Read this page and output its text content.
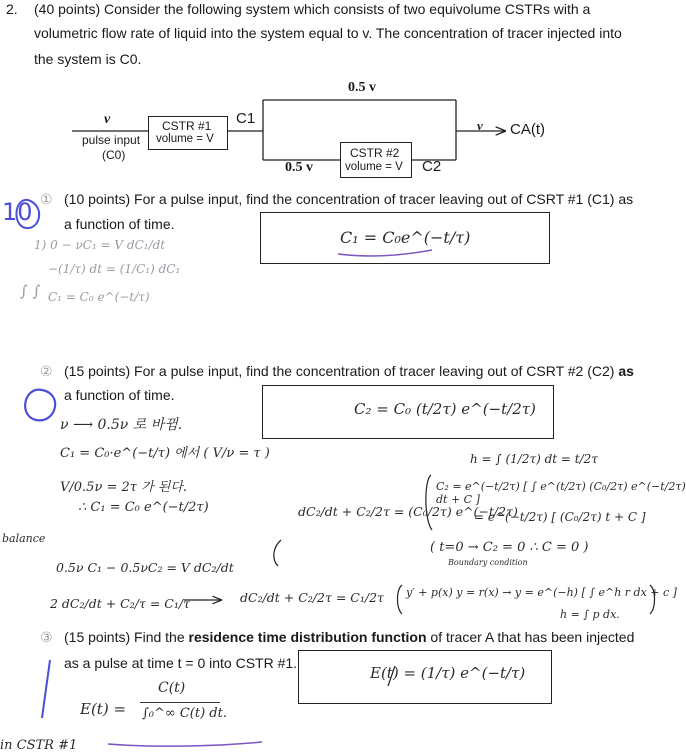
2. (40 points) Consider the following system which consists of two equivolume CSTRs with a
volumetric flow rate of liquid into the system equal to v. The concentration of tracer injected into
the system is C0.
0.5 v
v	v
pulse input
(C0)
CSTR #1
volume = V
C1
CSTR #2
volume = V C2
0.5 v
CA(t)
10 ① (10 points) For a pulse input, find the concentration of tracer leaving out of CSRT #1 (C1) as
a function of time.
C₁ = C₀e^(−t/τ)
1) 0 − νC₁ = V dC₁/dt
−(1/τ) dt = (1/C₁) dC₁
∫ ∫ C₁ = C₀ e^(−t/τ)
② (15 points) For a pulse input, find the concentration of tracer leaving out of CSRT #2 (C2) as
a function of time.
C₂ = C₀ (t/2τ) e^(−t/2τ)
ν ⟶ 0.5ν 로 바뀜.
C₁ = C₀·e^(−t/τ) 에서 ( V/ν = τ )
V/0.5ν = 2τ 가 된다.
∴ C₁ = C₀ e^(−t/2τ)
balance
0.5ν C₁ − 0.5νC₂ = V dC₂/dt
2 dC₂/dt + C₂/τ = C₁/τ
dC₂/dt + C₂/2τ = (C₀/2τ) e^(−t/2τ)
dC₂/dt + C₂/2τ = C₁/2τ
h = ∫ (1/2τ) dt = t/2τ
C₂ = e^(−t/2τ) [ ∫ e^(t/2τ) (C₀/2τ) e^(−t/2τ) dt + C ]
= e^(−t/2τ) [ (C₀/2τ) t + C ]
( t=0 → C₂ = 0 ∴ C = 0 )
Boundary condition
y′ + p(x) y = r(x) → y = e^(−h) [ ∫ e^h r dx + c ]
h = ∫ p dx.
③ (15 points) Find the residence time distribution function of tracer A that has been injected
as a pulse at time t = 0 into CSTR #1.
E(t) = (1/τ) e^(−t/τ)
E(t) =
C(t)
∫₀^∞ C(t) dt.
in CSTR #1
